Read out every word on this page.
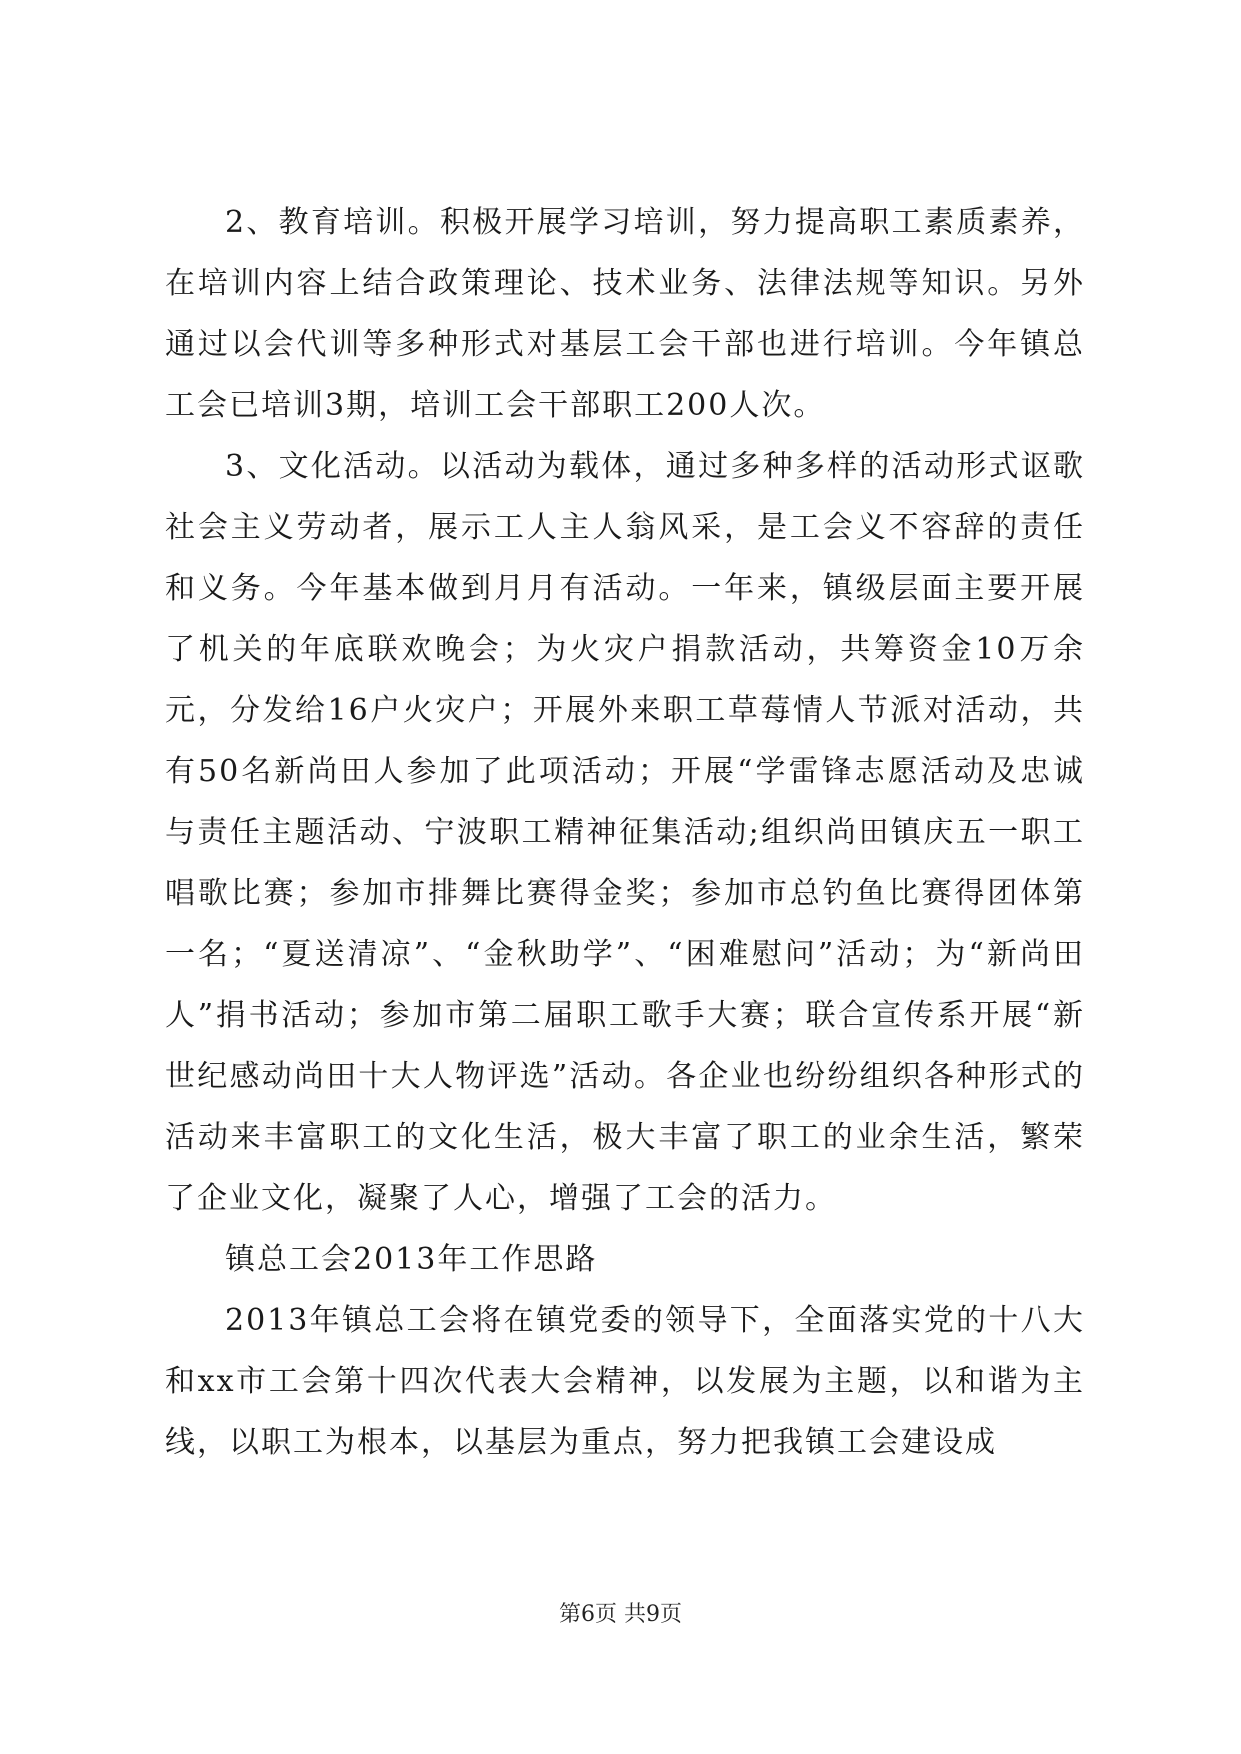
2、教育培训。积极开展学习培训，努力提高职工素质素养，在培训内容上结合政策理论、技术业务、法律法规等知识。另外通过以会代训等多种形式对基层工会干部也进行培训。今年镇总工会已培训3期，培训工会干部职工200人次。

3、文化活动。以活动为载体，通过多种多样的活动形式讴歌社会主义劳动者，展示工人主人翁风采，是工会义不容辞的责任和义务。今年基本做到月月有活动。一年来，镇级层面主要开展了机关的年底联欢晚会；为火灾户捐款活动，共筹资金10万余元，分发给16户火灾户；开展外来职工草莓情人节派对活动，共有50名新尚田人参加了此项活动；开展“学雷锋志愿活动及忠诚与责任主题活动、宁波职工精神征集活动;组织尚田镇庆五一职工唱歌比赛；参加市排舞比赛得金奖；参加市总钓鱼比赛得团体第一名；“夏送清凉”、“金秋助学”、“困难慰问”活动；为“新尚田人”捐书活动；参加市第二届职工歌手大赛；联合宣传系开展“新世纪感动尚田十大人物评选”活动。各企业也纷纷组织各种形式的活动来丰富职工的文化生活，极大丰富了职工的业余生活，繁荣了企业文化，凝聚了人心，增强了工会的活力。

镇总工会2013年工作思路

2013年镇总工会将在镇党委的领导下，全面落实党的十八大和xx市工会第十四次代表大会精神，以发展为主题，以和谐为主线，以职工为根本，以基层为重点，努力把我镇工会建设成

第6页 共9页
